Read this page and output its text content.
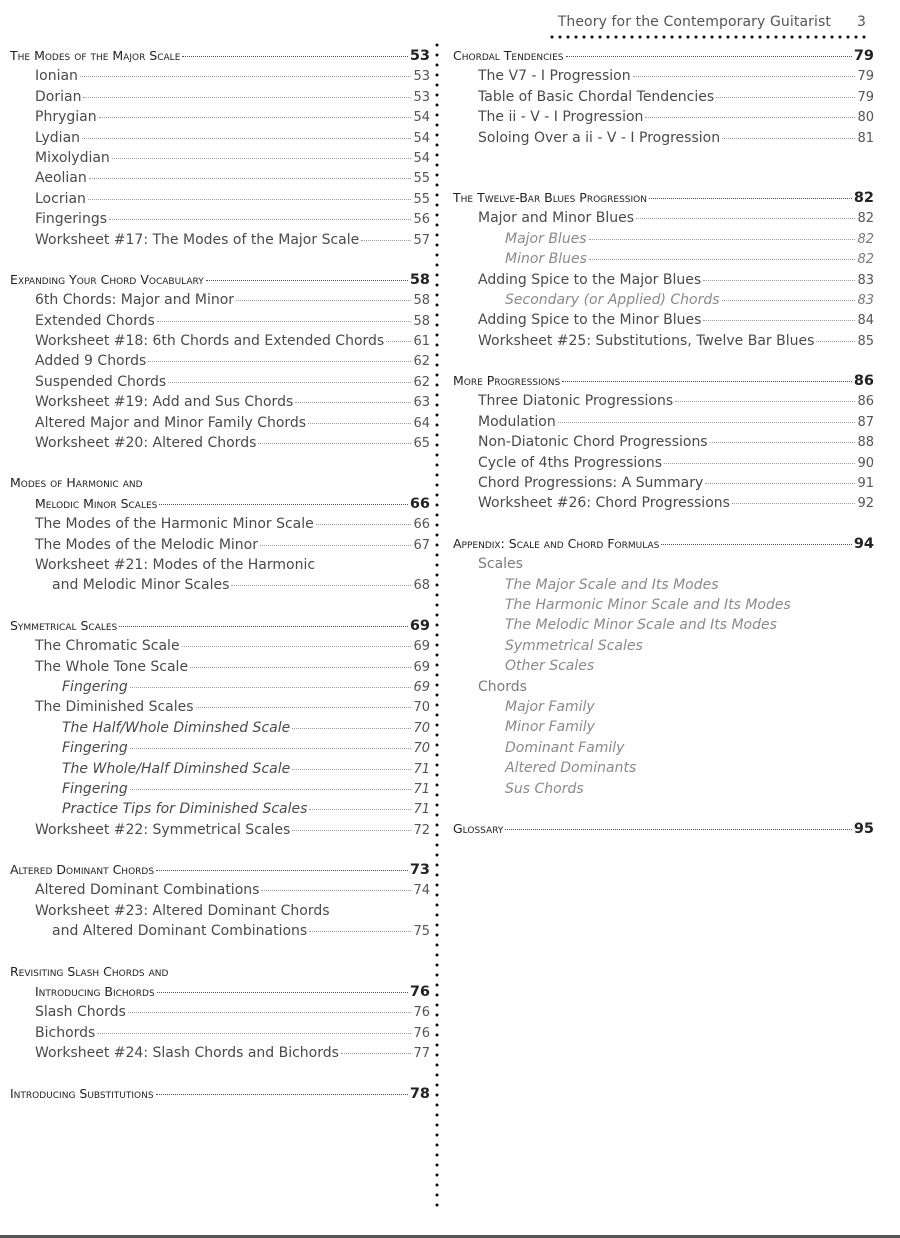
Theory for the Contemporary Guitarist 3
The Modes of the Major Scale	53
Ionian	53
Dorian	53
Phrygian	54
Lydian	54
Mixolydian	54
Aeolian	55
Locrian	55
Fingerings	56
Worksheet #17: The Modes of the Major Scale	57
Expanding Your Chord Vocabulary	58
6th Chords: Major and Minor	58
Extended Chords	58
Worksheet #18: 6th Chords and Extended Chords 61
Added 9 Chords	62
Suspended Chords	62
Worksheet #19: Add and Sus Chords	63
Altered Major and Minor Family Chords	64
Worksheet #20: Altered Chords	65
Modes of Harmonic and
Melodic Minor Scales	66
The Modes of the Harmonic Minor Scale	66
The Modes of the Melodic Minor	67
Worksheet #21: Modes of the Harmonic
and Melodic Minor Scales	68
Symmetrical Scales	69
The Chromatic Scale	69
The Whole Tone Scale	69
Fingering	69
The Diminished Scales	70
The Half/Whole Diminshed Scale	70
Fingering	70
The Whole/Half Diminshed Scale	71
Fingering	71
Practice Tips for Diminished Scales	71
Worksheet #22: Symmetrical Scales	72
Altered Dominant Chords	73
Altered Dominant Combinations	74
Worksheet #23: Altered Dominant Chords
and Altered Dominant Combinations	75
Revisiting Slash Chords and
Introducing Bichords	76
Slash Chords	76
Bichords	76
Worksheet #24: Slash Chords and Bichords	77
Introducing Substitutions	78
Chordal Tendencies	79
The V7 - I Progression	79
Table of Basic Chordal Tendencies	79
The ii - V - I Progression	80
Soloing Over a ii - V - I Progression	81
The Twelve-Bar Blues Progression	82
Major and Minor Blues	82
Major Blues	82
Minor Blues	82
Adding Spice to the Major Blues	83
Secondary (or Applied) Chords	83
Adding Spice to the Minor Blues	84
Worksheet #25: Substitutions, Twelve Bar Blues	85
More Progressions	86
Three Diatonic Progressions	86
Modulation	87
Non-Diatonic Chord Progressions	88
Cycle of 4ths Progressions	90
Chord Progressions: A Summary	91
Worksheet #26: Chord Progressions	92
Appendix: Scale and Chord Formulas	94
Scales
The Major Scale and Its Modes
The Harmonic Minor Scale and Its Modes
The Melodic Minor Scale and Its Modes
Symmetrical Scales
Other Scales
Chords
Major Family
Minor Family
Dominant Family
Altered Dominants
Sus Chords
Glossary	95
